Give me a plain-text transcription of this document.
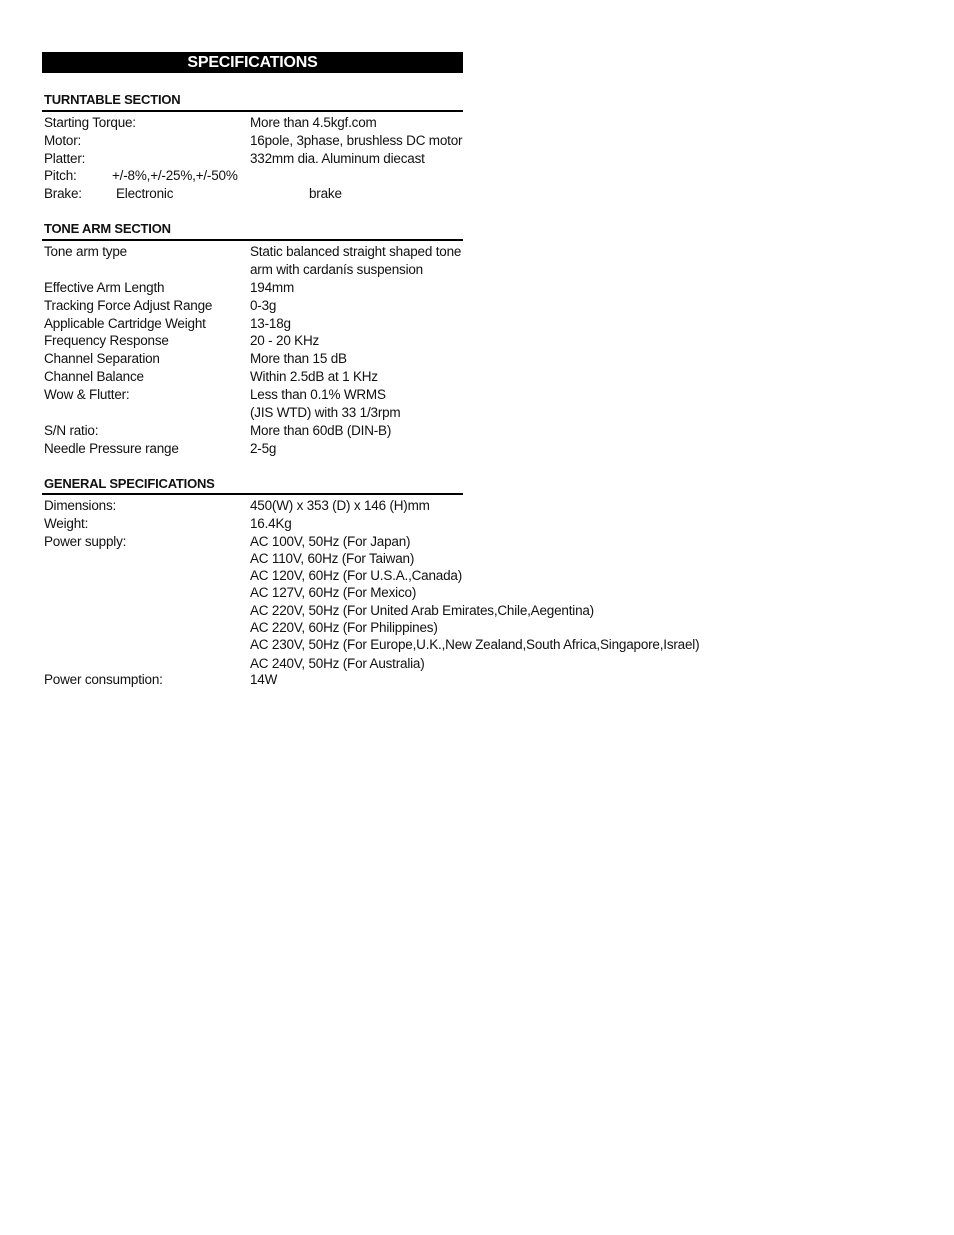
SPECIFICATIONS
TURNTABLE SECTION
Starting Torque:	More than 4.5kgf.com
Motor:	16pole, 3phase, brushless DC motor
Platter:	332mm dia. Aluminum diecast
Pitch:	+/-8%,+/-25%,+/-50%
Brake:	Electronic	brake
TONE ARM SECTION
Tone arm type	Static balanced straight shaped tone
arm with cardanís suspension
Effective Arm Length	194mm
Tracking Force Adjust Range	0-3g
Applicable Cartridge Weight	13-18g
Frequency Response	20 - 20 KHz
Channel Separation	More than 15 dB
Channel Balance	Within 2.5dB at 1 KHz
Wow & Flutter:	Less than 0.1% WRMS
(JIS WTD) with 33 1/3rpm
S/N ratio:	More than 60dB (DIN-B)
Needle Pressure range	2-5g
GENERAL SPECIFICATIONS
Dimensions:	450(W) x 353 (D) x 146 (H)mm
Weight:	16.4Kg
Power supply:	AC 100V, 50Hz (For Japan)
AC 110V, 60Hz (For Taiwan)
AC 120V, 60Hz (For U.S.A.,Canada)
AC 127V, 60Hz (For Mexico)
AC 220V, 50Hz (For United Arab Emirates,Chile,Aegentina)
AC 220V, 60Hz (For Philippines)
AC 230V, 50Hz (For Europe,U.K.,New Zealand,South Africa,Singapore,Israel)
AC 240V, 50Hz (For Australia)
Power consumption:	14W
